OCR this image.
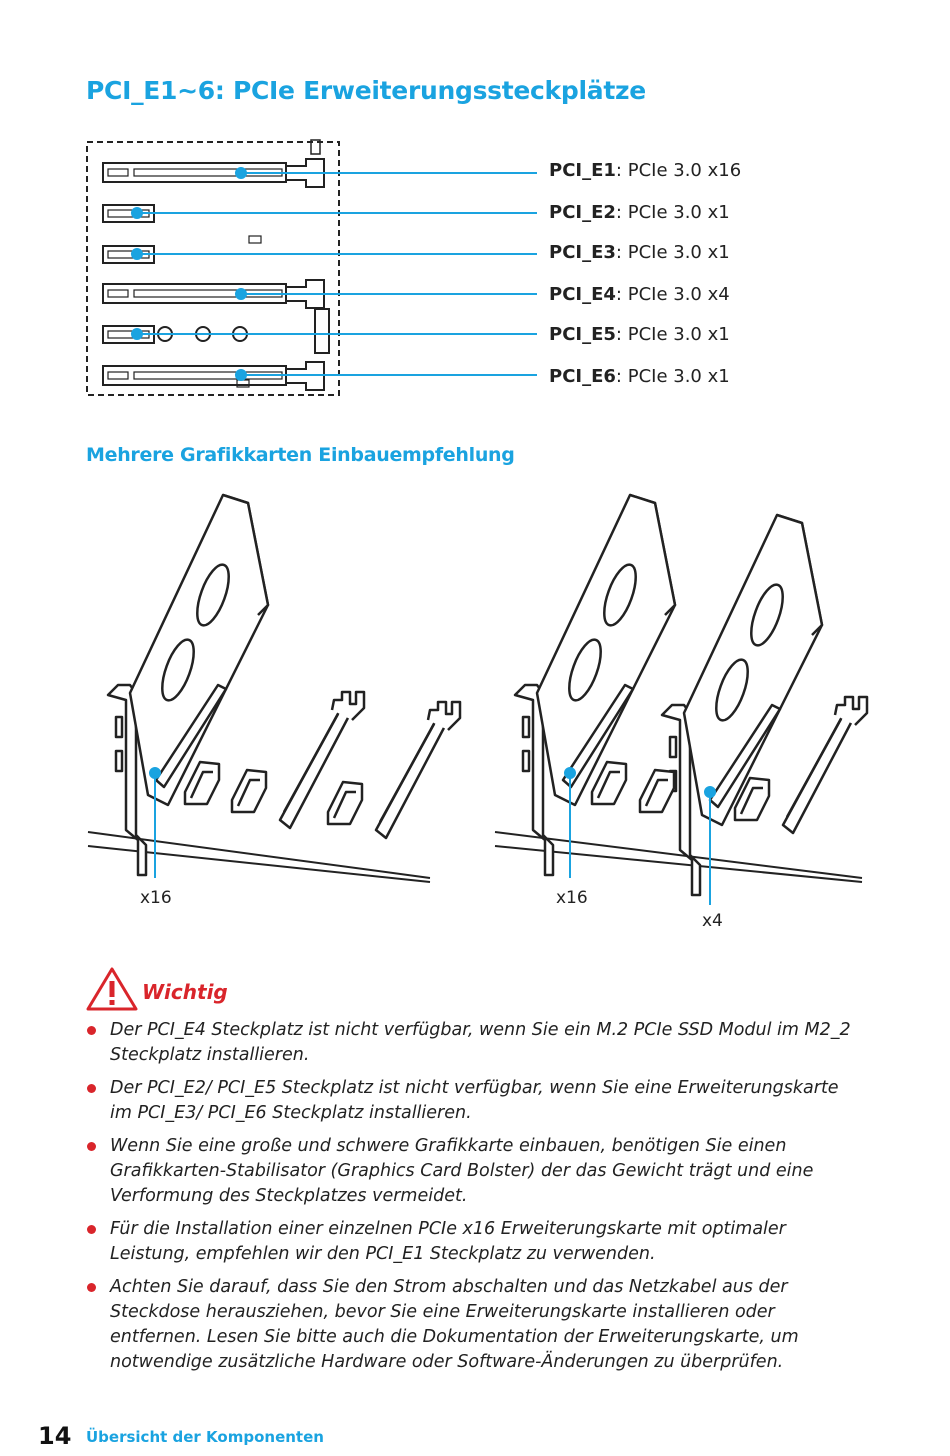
PCI_E1~6: PCIe Erweiterungssteckplätze
PCI_E1: PCIe 3.0 x16
PCI_E2: PCIe 3.0 x1
PCI_E3: PCIe 3.0 x1
PCI_E4: PCIe 3.0 x4
PCI_E5: PCIe 3.0 x1
PCI_E6: PCIe 3.0 x1
Mehrere Grafikkarten Einbauempfehlung
x16	x16
x4
Wichtig
Der PCI_E4 Steckplatz ist nicht verfügbar, wenn Sie ein M.2 PCIe SSD Modul im M2_2 Steckplatz installieren.
Der PCI_E2/ PCI_E5 Steckplatz ist nicht verfügbar, wenn Sie eine Erweiterungskarte im PCI_E3/ PCI_E6 Steckplatz installieren.
Wenn Sie eine große und schwere Grafikkarte einbauen, benötigen Sie einen Grafikkarten-Stabilisator (Graphics Card Bolster) der das Gewicht trägt und eine Verformung des Steckplatzes vermeidet.
Für die Installation einer einzelnen PCIe x16 Erweiterungskarte mit optimaler Leistung, empfehlen wir den PCI_E1 Steckplatz zu verwenden.
Achten Sie darauf, dass Sie den Strom abschalten und das Netzkabel aus der Steckdose herausziehen, bevor Sie eine Erweiterungskarte installieren oder entfernen. Lesen Sie bitte auch die Dokumentation der Erweiterungskarte, um notwendige zusätzliche Hardware oder Software-Änderungen zu überprüfen.
14 Übersicht der Komponenten
